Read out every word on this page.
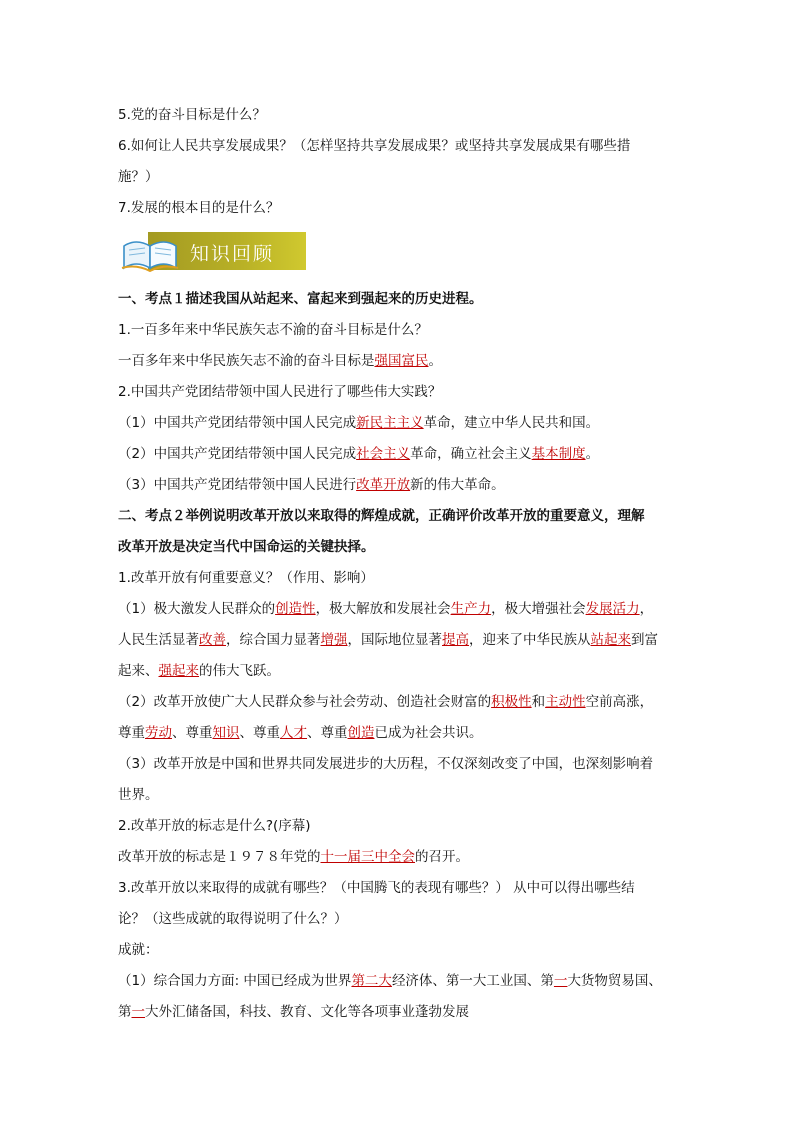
5.党的奋斗目标是什么？
6.如何让人民共享发展成果？（怎样坚持共享发展成果？或坚持共享发展成果有哪些措
施？）
7.发展的根本目的是什么？
知识回顾
一、考点１描述我国从站起来、富起来到强起来的历史进程。
1.一百多年来中华民族矢志不渝的奋斗目标是什么？
一百多年来中华民族矢志不渝的奋斗目标是强国富民。
2.中国共产党团结带领中国人民进行了哪些伟大实践？
（1）中国共产党团结带领中国人民完成新民主主义革命，建立中华人民共和国。
（2）中国共产党团结带领中国人民完成社会主义革命，确立社会主义基本制度。
（3）中国共产党团结带领中国人民进行改革开放新的伟大革命。
二、考点２举例说明改革开放以来取得的辉煌成就，正确评价改革开放的重要意义，理解
改革开放是决定当代中国命运的关键抉择。
1.改革开放有何重要意义？（作用、影响）
（1）极大激发人民群众的创造性，极大解放和发展社会生产力，极大增强社会发展活力，
人民生活显著改善，综合国力显著增强，国际地位显著提高，迎来了中华民族从站起来到富
起来、强起来的伟大飞跃。
（2）改革开放使广大人民群众参与社会劳动、创造社会财富的积极性和主动性空前高涨，
尊重劳动、尊重知识、尊重人才、尊重创造已成为社会共识。
（3）改革开放是中国和世界共同发展进步的大历程，不仅深刻改变了中国，也深刻影响着
世界。
2.改革开放的标志是什么?(序幕)
改革开放的标志是１９７８年党的十一届三中全会的召开。
3.改革开放以来取得的成就有哪些？（中国腾飞的表现有哪些？） 从中可以得出哪些结
论？（这些成就的取得说明了什么？）
成就：
（1）综合国力方面: 中国已经成为世界第二大经济体、第一大工业国、第一大货物贸易国、
第一大外汇储备国，科技、教育、文化等各项事业蓬勃发展
